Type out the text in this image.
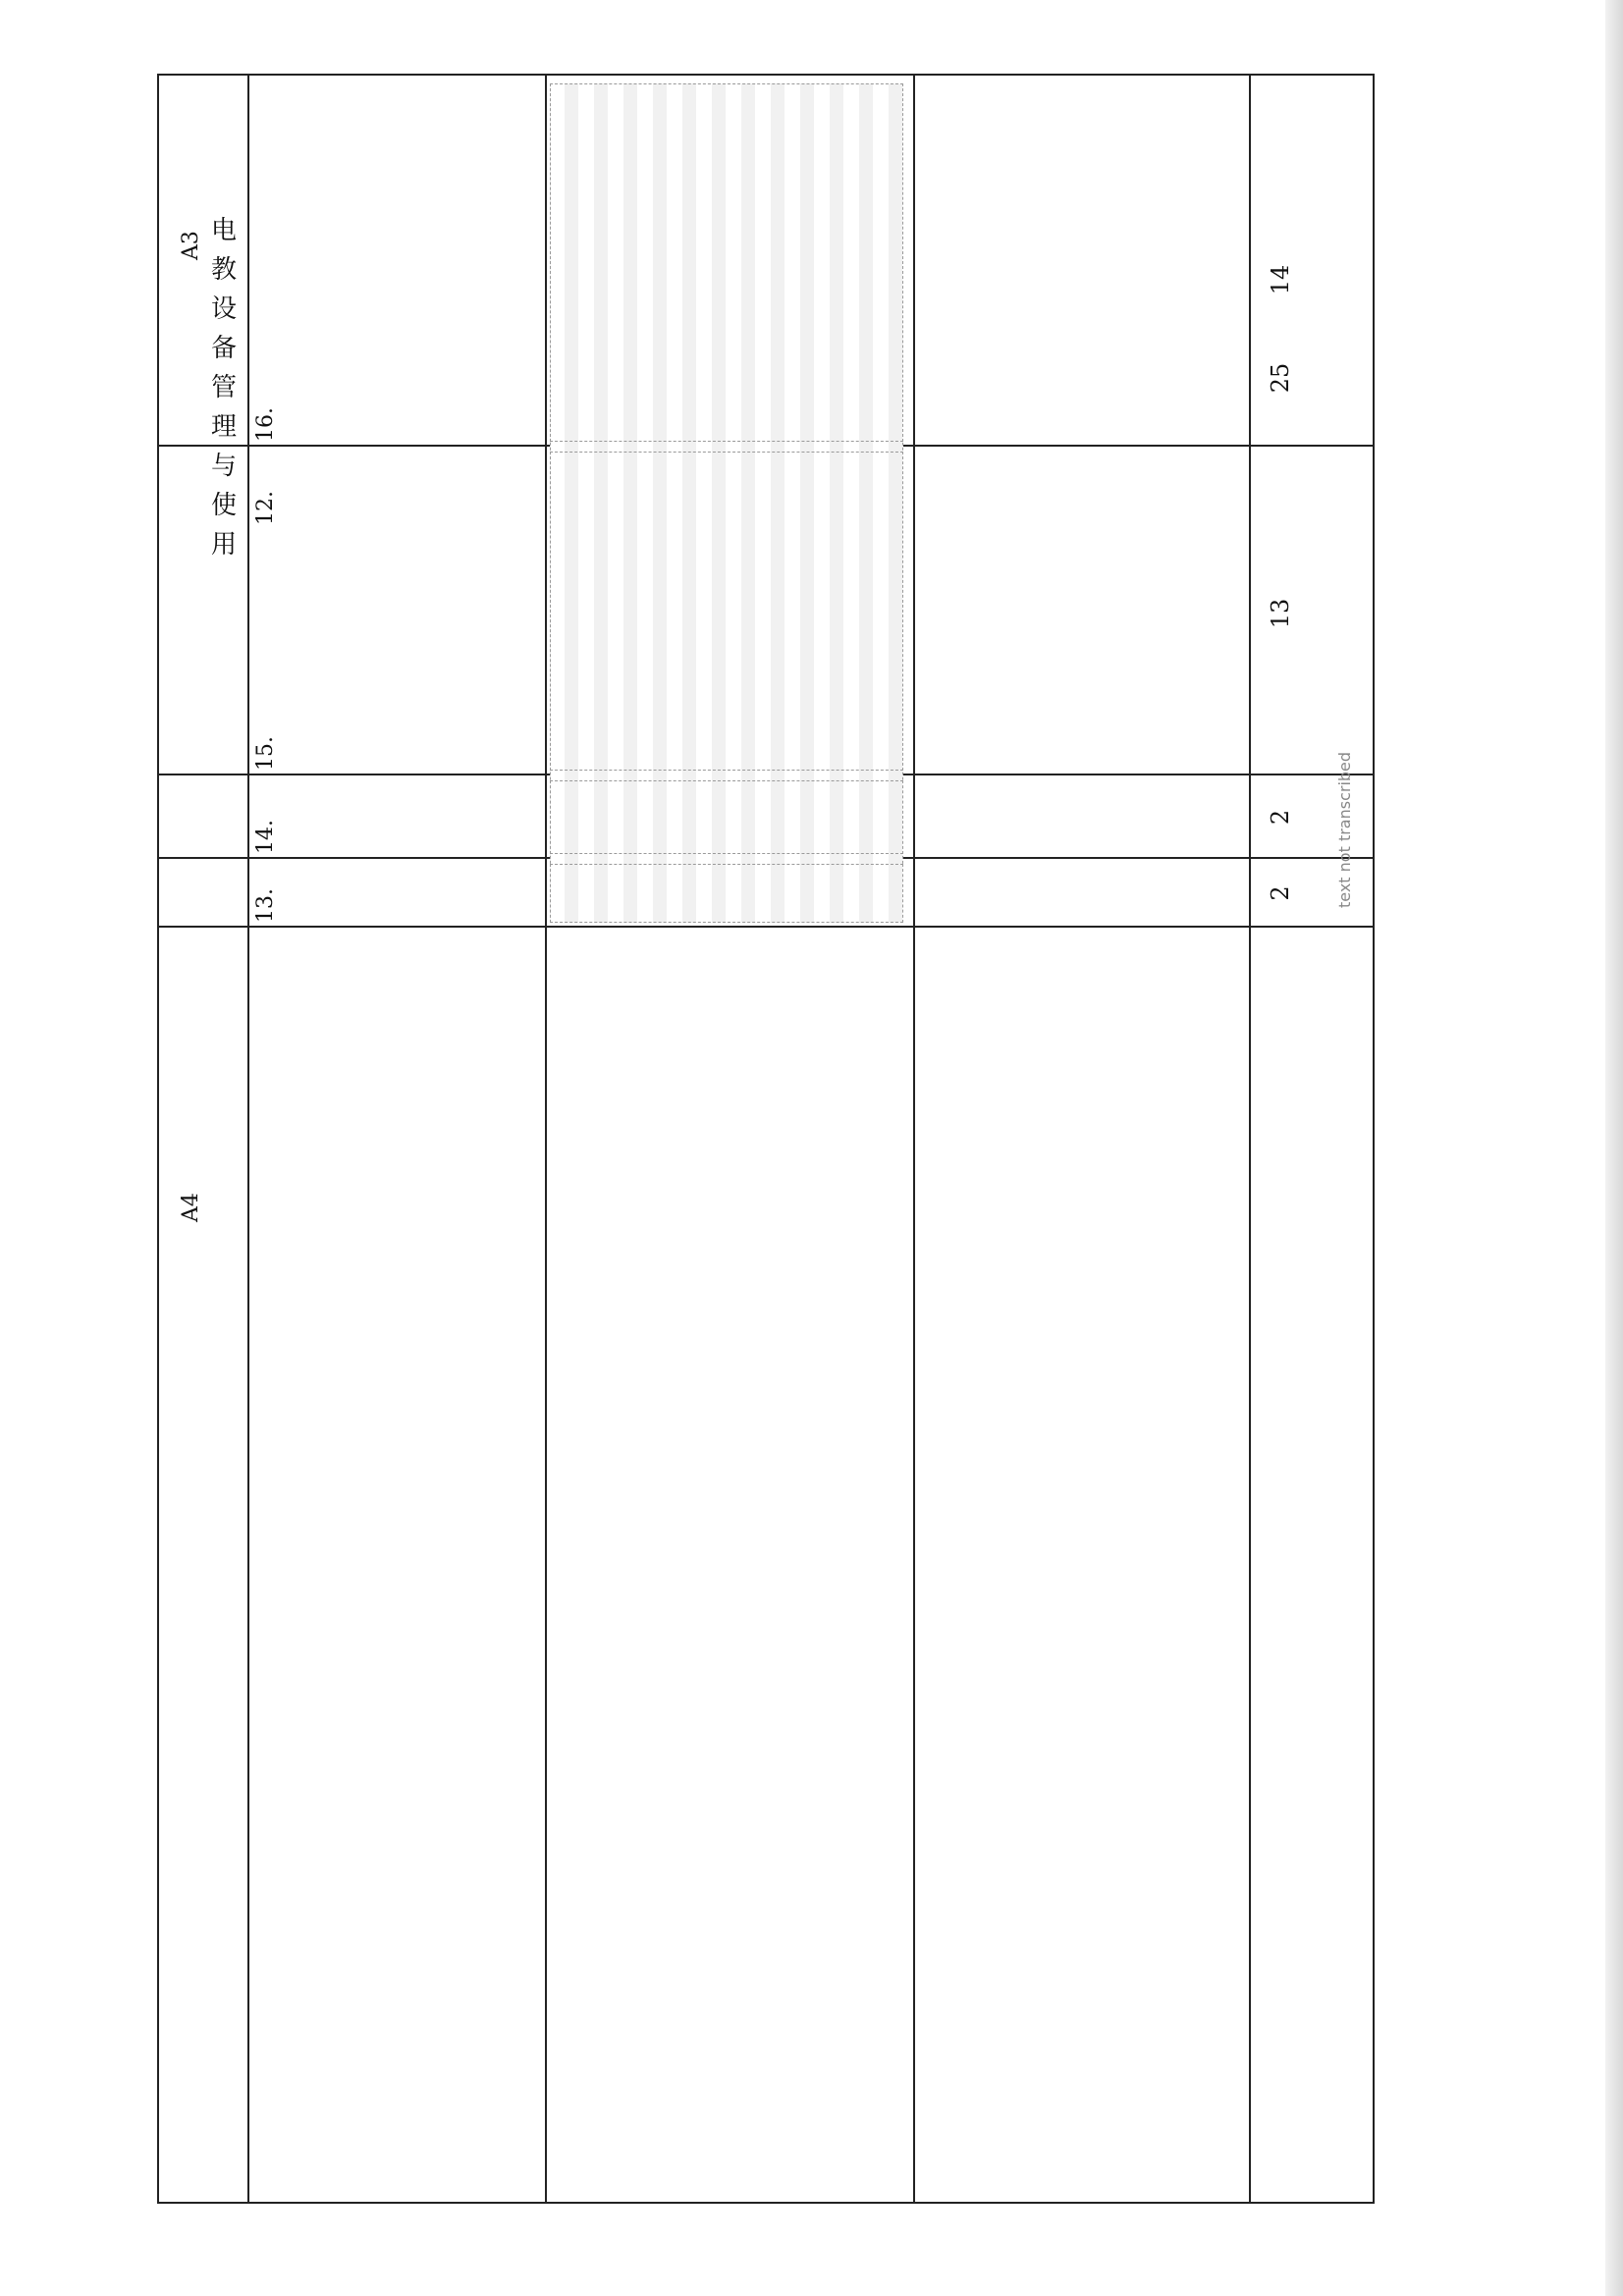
A3
电
教
设
备
管
理
与
使
用
A4
12.
25
13.	2
14.
2
15.
13
16.
14
text not transcribed
